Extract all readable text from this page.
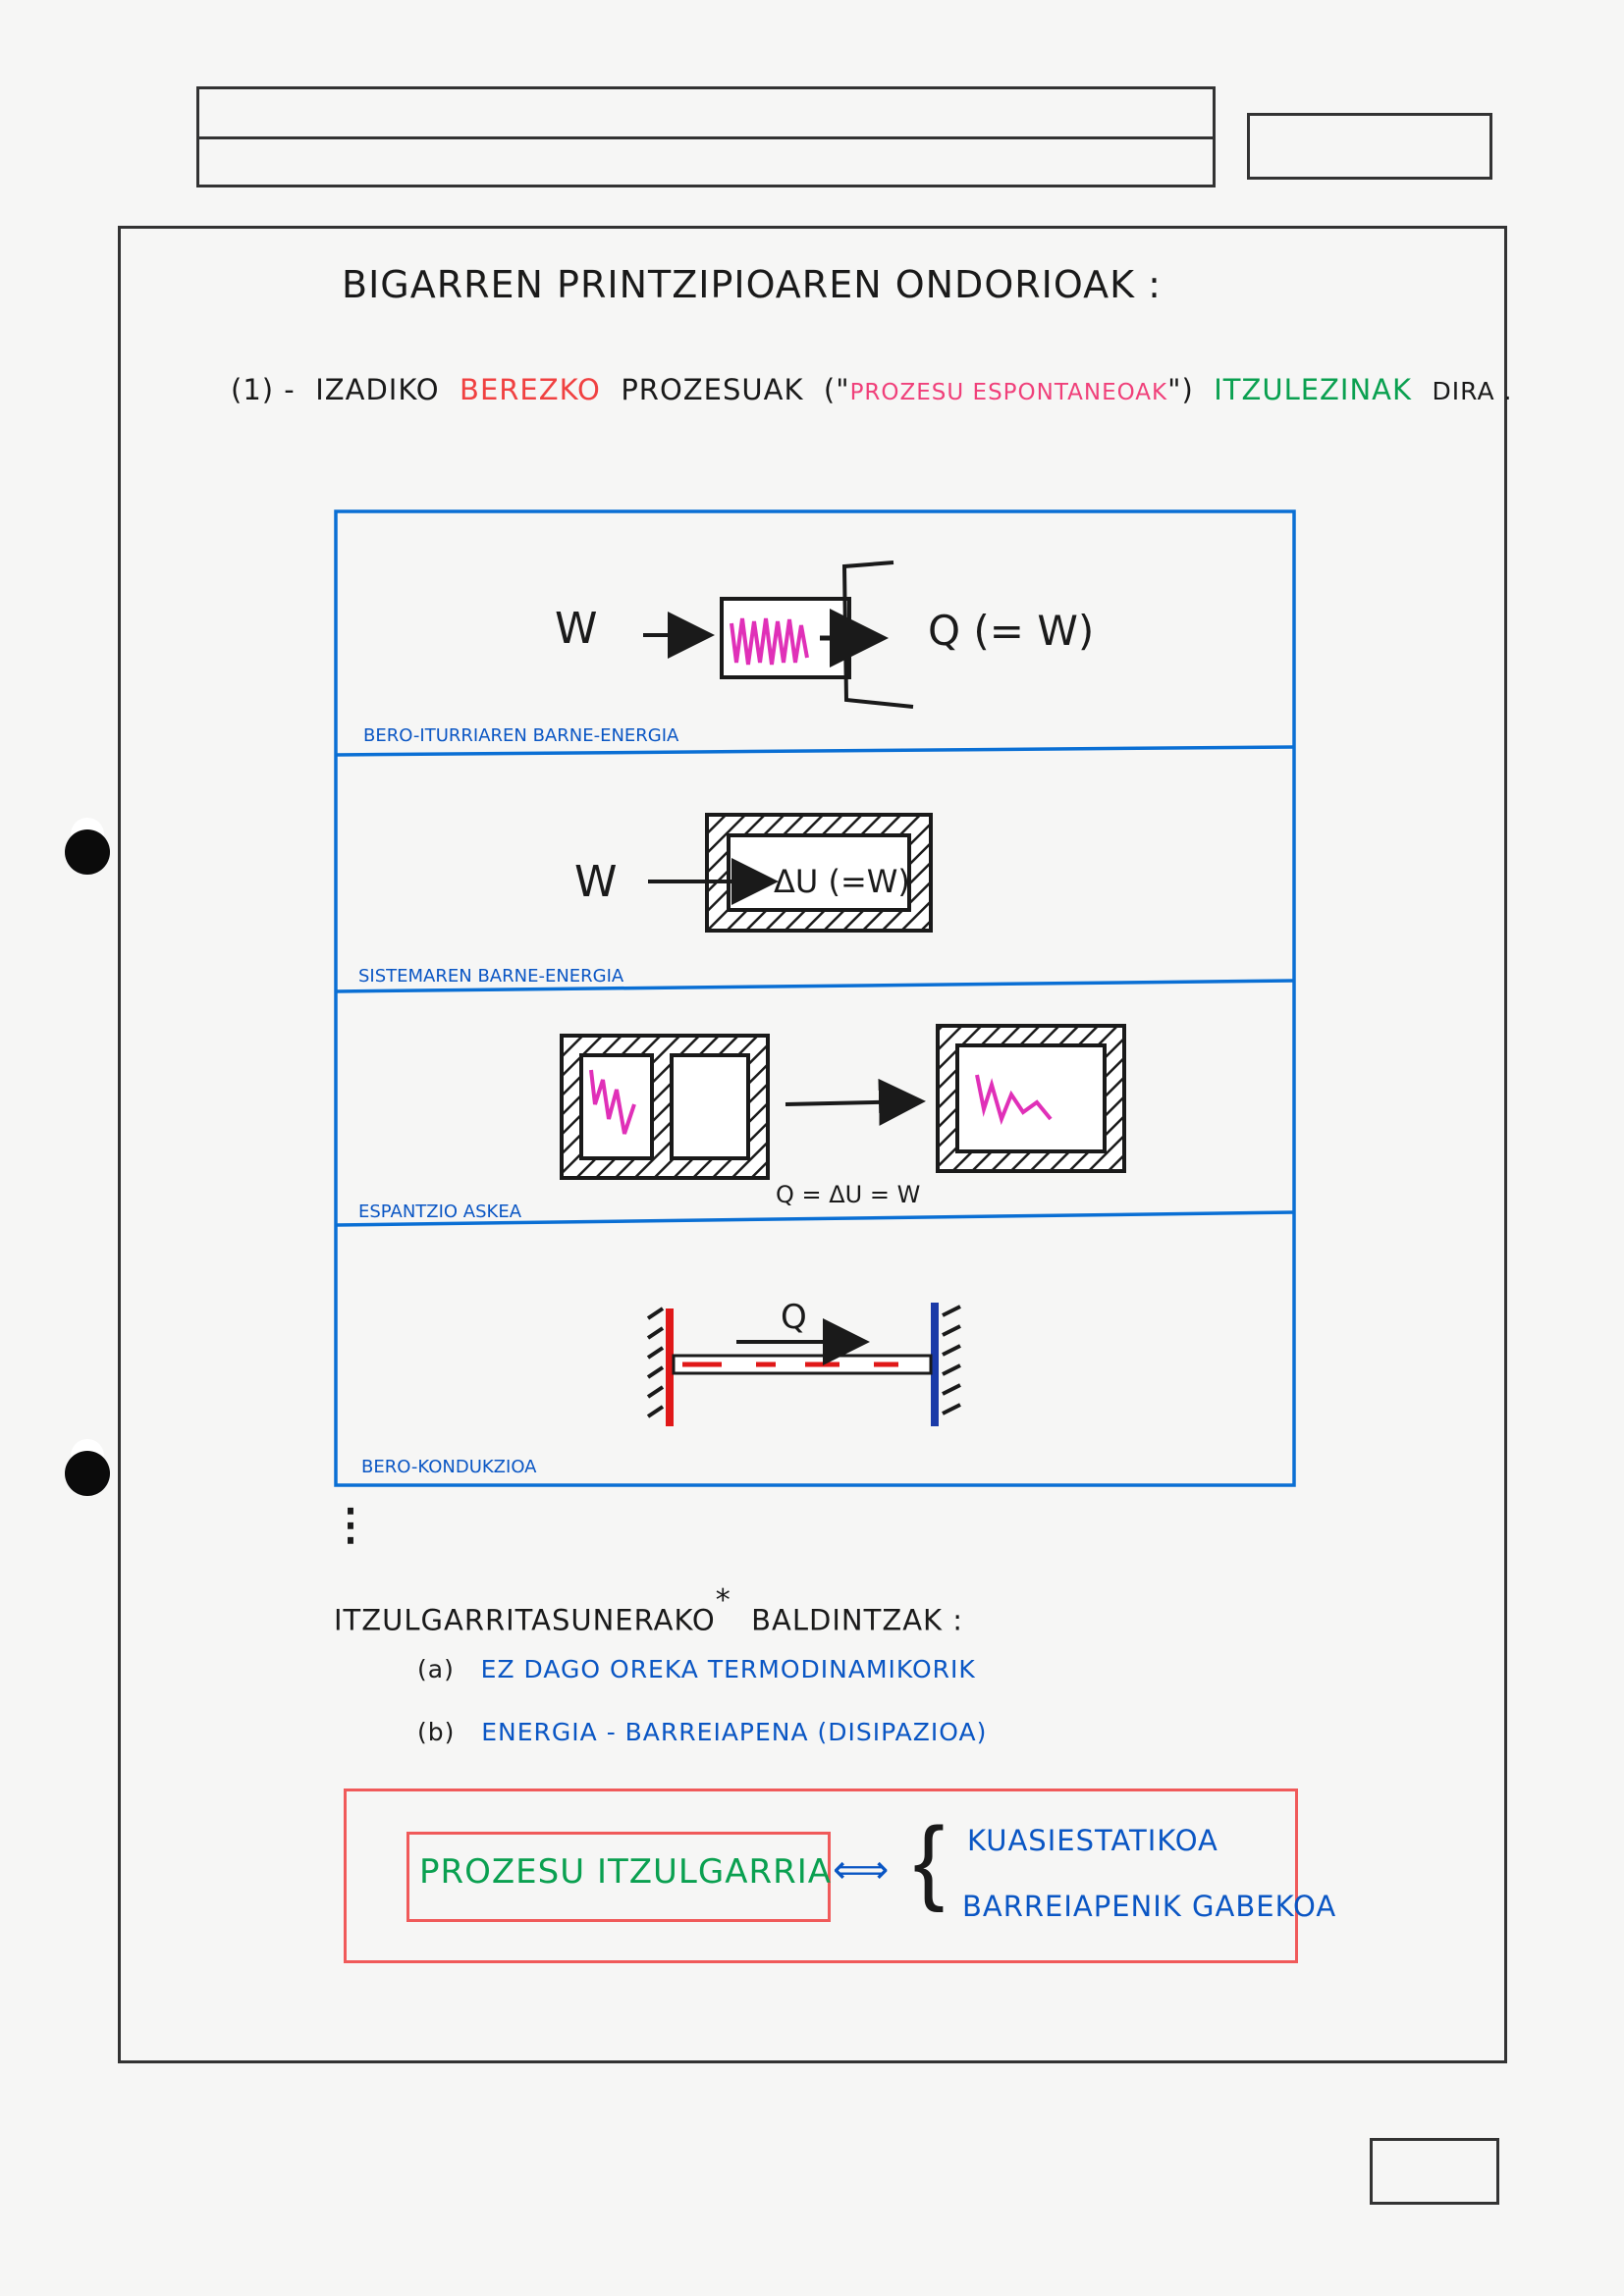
BIGARREN PRINTZIPIOAREN ONDORIOAK :
(1) - IZADIKO BEREZKO PROZESUAK ("PROZESU ESPONTANEOAK") ITZULEZINAK DIRA .
W	Q (= W)
BERO-ITURRIAREN BARNE-ENERGIA
W	ΔU (=W)
SISTEMAREN BARNE-ENERGIA
Q = ΔU = W
ESPANTZIO ASKEA
Q
BERO-KONDUKZIOA
⋮
ITZULGARRITASUNERAKO*  BALDINTZAK :
(a) EZ DAGO OREKA TERMODINAMIKORIK
(b) ENERGIA - BARREIAPENA (DISIPAZIOA)
PROZESU ITZULGARRIA ⟺ { KUASIESTATIKOA
BARREIAPENIK GABEKOA
